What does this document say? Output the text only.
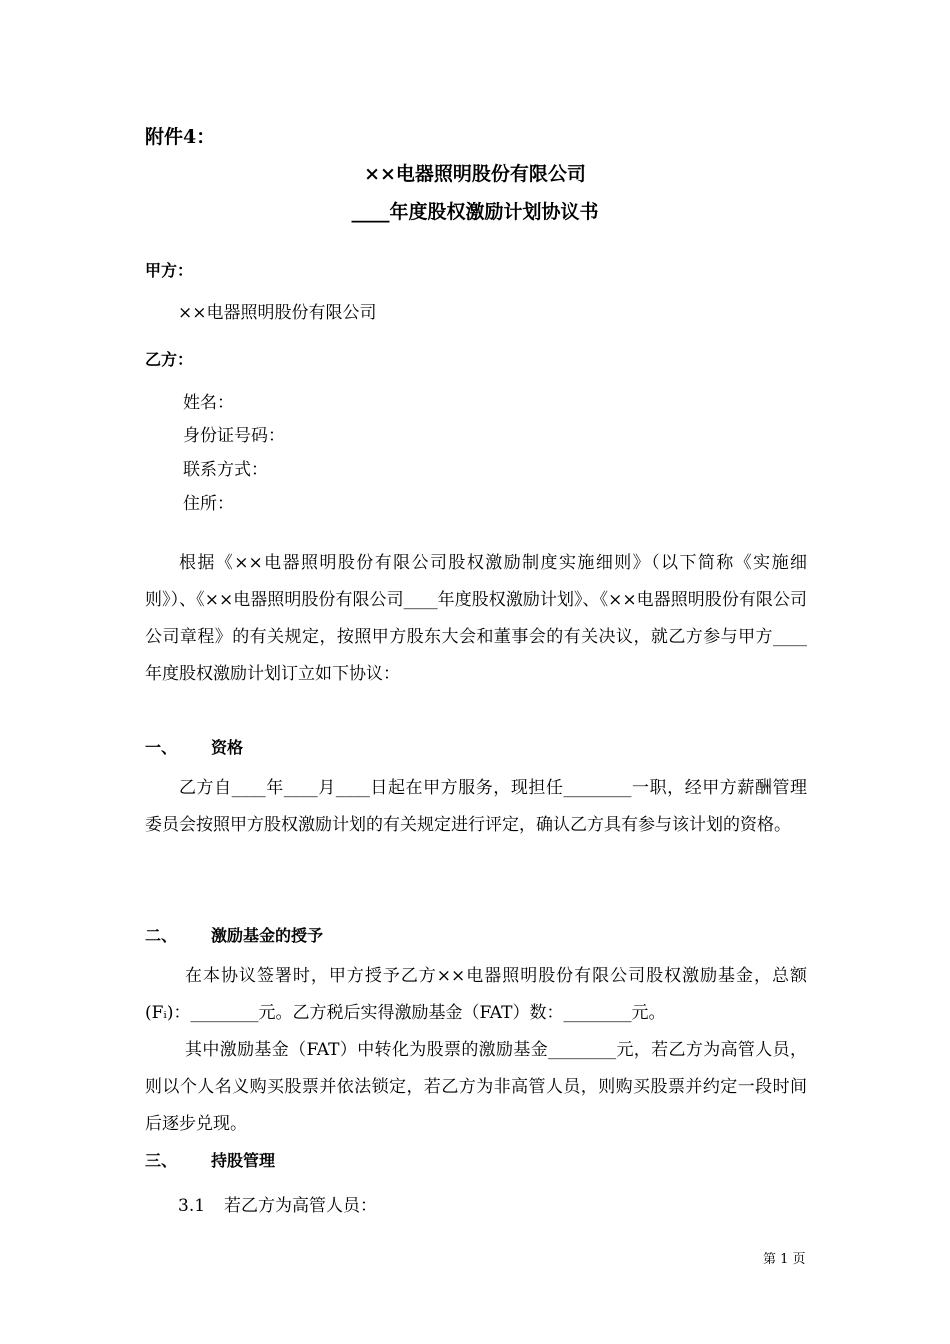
附件4：
××电器照明股份有限公司
____年度股权激励计划协议书
甲方：
××电器照明股份有限公司
乙方：
姓名：
身份证号码：
联系方式：
住所：
根据《××电器照明股份有限公司股权激励制度实施细则》（以下简称《实施细则》）、《××电器照明股份有限公司____年度股权激励计划》、《××电器照明股份有限公司公司章程》的有关规定，按照甲方股东大会和董事会的有关决议，就乙方参与甲方____年度股权激励计划订立如下协议：
一、 资格
乙方自____年____月____日起在甲方服务，现担任________一职，经甲方薪酬管理委员会按照甲方股权激励计划的有关规定进行评定，确认乙方具有参与该计划的资格。
二、 激励基金的授予
在本协议签署时，甲方授予乙方××电器照明股份有限公司股权激励基金，总额(Fᵢ)：________元。乙方税后实得激励基金（FAT）数：________元。
其中激励基金（FAT）中转化为股票的激励基金________元，若乙方为高管人员，则以个人名义购买股票并依法锁定，若乙方为非高管人员，则购买股票并约定一段时间后逐步兑现。
三、 持股管理
3.1 若乙方为高管人员：
第 1 页
